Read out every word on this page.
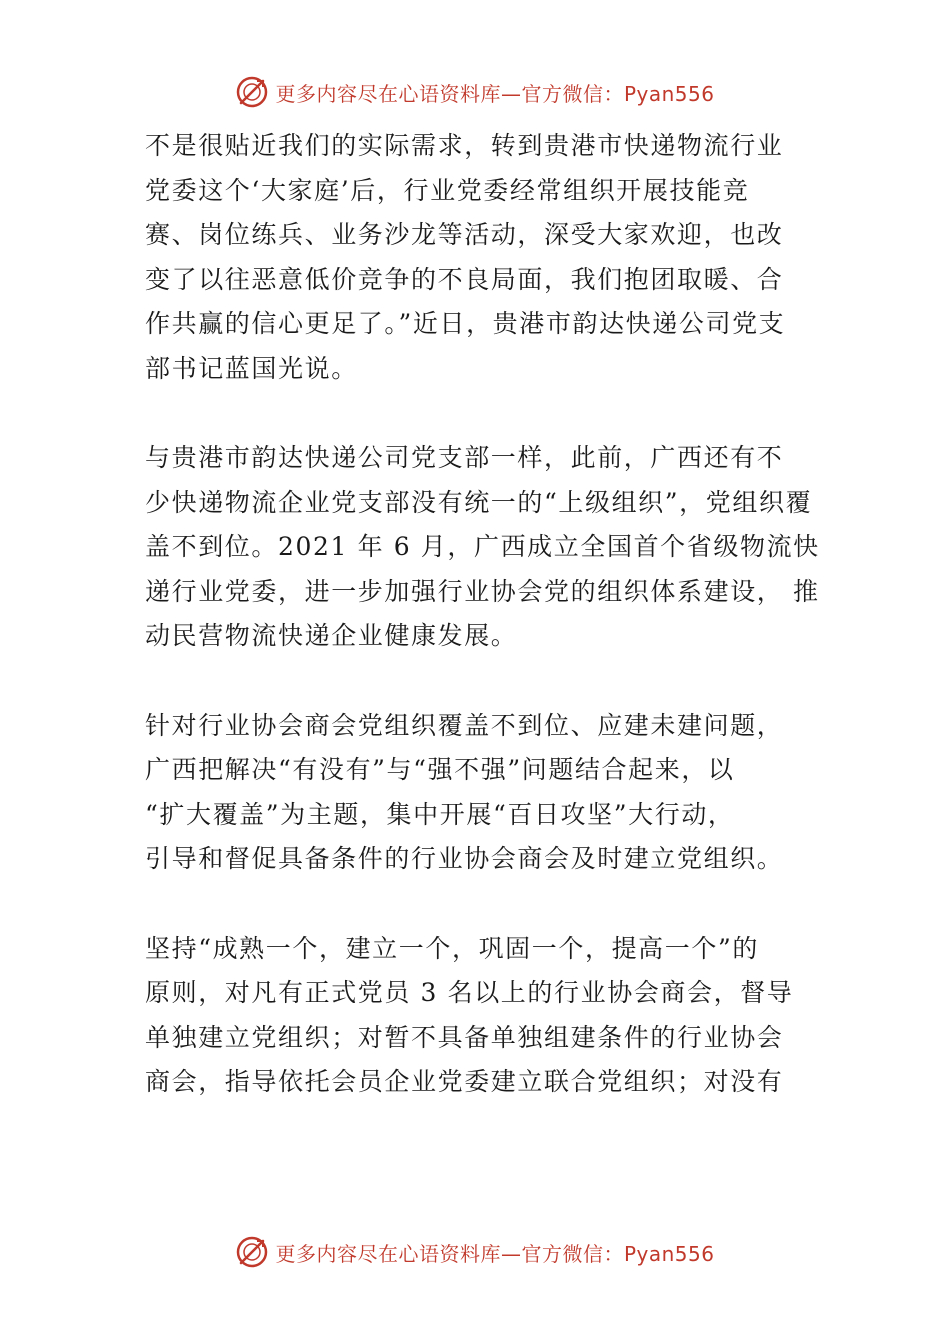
更多内容尽在心语资料库—官方微信：Pyan556

不是很贴近我们的实际需求，转到贵港市快递物流行业
党委这个‘大家庭’后，行业党委经常组织开展技能竞
赛、岗位练兵、业务沙龙等活动，深受大家欢迎，也改
变了以往恶意低价竞争的不良局面，我们抱团取暖、合
作共赢的信心更足了。”近日，贵港市韵达快递公司党支
部书记蓝国光说。

与贵港市韵达快递公司党支部一样，此前，广西还有不
少快递物流企业党支部没有统一的“上级组织”，党组织覆
盖不到位。2021 年 6 月，广西成立全国首个省级物流快
递行业党委，进一步加强行业协会党的组织体系建设， 推
动民营物流快递企业健康发展。

针对行业协会商会党组织覆盖不到位、应建未建问题，
广西把解决“有没有”与“强不强”问题结合起来，以
“扩大覆盖”为主题，集中开展“百日攻坚”大行动，
引导和督促具备条件的行业协会商会及时建立党组织。

坚持“成熟一个，建立一个，巩固一个，提高一个”的
原则，对凡有正式党员 3 名以上的行业协会商会，督导
单独建立党组织；对暂不具备单独组建条件的行业协会
商会，指导依托会员企业党委建立联合党组织；对没有

更多内容尽在心语资料库—官方微信：Pyan556
